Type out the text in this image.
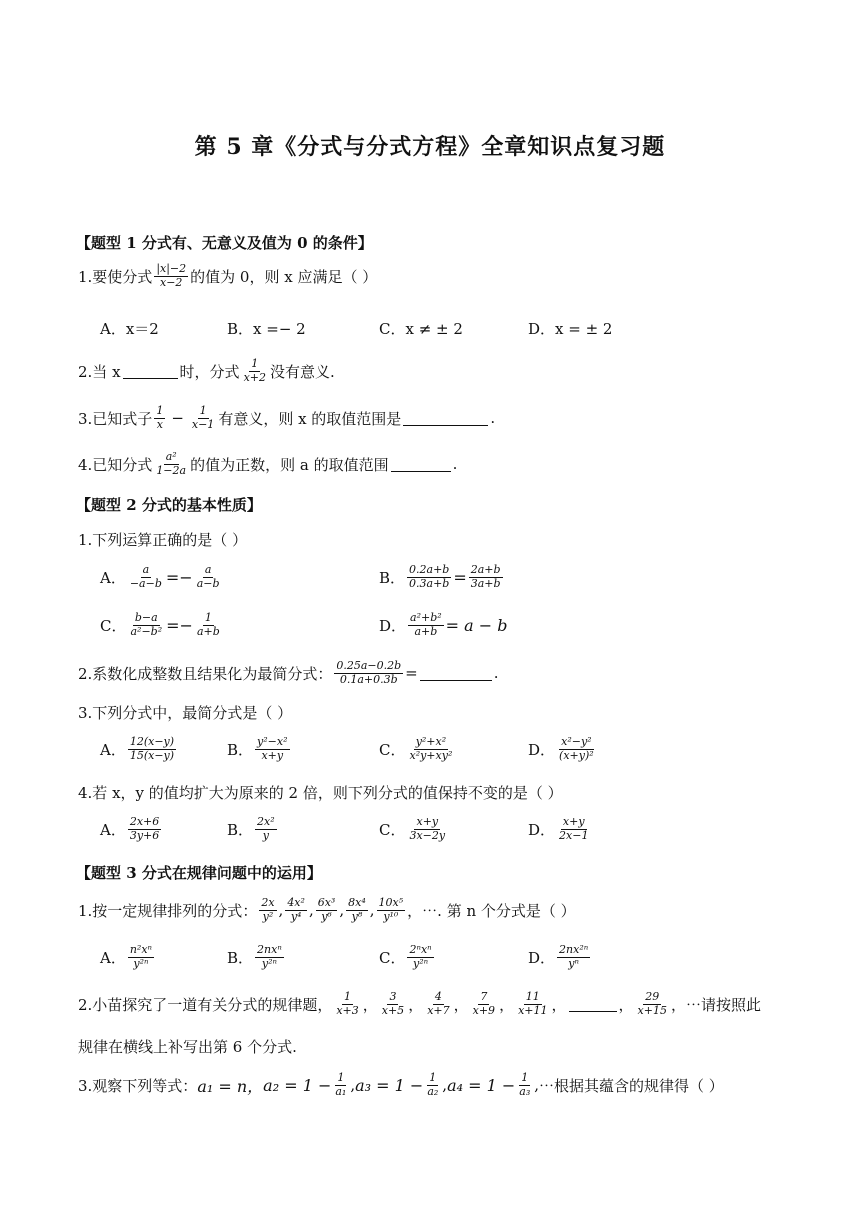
第 5 章《分式与分式方程》全章知识点复习题
【题型 1 分式有、无意义及值为 0 的条件】
1.要使分式 $\frac{|x|-2}{x-2}$ 的值为 0，则 x 应满足（ ）
A．x＝2	B．x =− 2	C．x ≠ ± 2	D．x = ± 2
2.当 x	时，分式 $\frac{1}{x+2}$ 没有意义.
3.已知式子 $\frac{1}{x} - \frac{1}{x-1}$ 有意义，则 x 的取值范围是	.
4.已知分式 $\frac{\text{a²}}{1-2a}$ 的值为正数，则 a 的取值范围	.
【题型 2 分式的基本性质】
1.下列运算正确的是（ ）
A． $\frac{a}{-a-b} =- \frac{a}{a-b}$	B． $\frac{0.2a+b}{0.3a+b} = \frac{2a+b}{3a+b}$
C． $\frac{b-a}{\text{a²−b²}} =- \frac{1}{a+b}$	D． $\frac{\text{a²+b²}}{a+b} = a - b$
2.系数化成整数且结果化为最简分式： $\frac{0.25a-0.2b}{0.1a+0.3b}$ =	.
3.下列分式中，最简分式是（ ）
A． $\frac{12(x-y)}{15(x-y)}$	B． $\frac{\text{y²−x²}}{x+y}$	C． $\frac{\text{y²+x²}}{\text{x²y+xy²}}$	D． $\frac{\text{x²−y²}}{\text{(x+y)²}}$
4.若 x，y 的值均扩大为原来的 2 倍，则下列分式的值保持不变的是（ ）
A． $\frac{2x+6}{3y+6}$	B． $\frac{\text{2x²}}{y}$	C． $\frac{x+y}{3x-2y}$	D． $\frac{x+y}{2x-1}$
【题型 3 分式在规律问题中的运用】
1.按一定规律排列的分式： $\frac{2x}{\text{y²}}$ , $\frac{\text{4x²}}{\text{y⁴}}$ , $\frac{\text{6x³}}{\text{y⁶}}$ , $\frac{\text{8x⁴}}{\text{y⁸}}$ , $\frac{\text{10x⁵}}{\text{y¹⁰}}$ ，⋯. 第 n 个分式是（ ）
A． $\frac{\text{n²xⁿ}}{\text{y²ⁿ}}$	B． $\frac{\text{2nxⁿ}}{\text{y²ⁿ}}$	C． $\frac{\text{2ⁿxⁿ}}{\text{y²ⁿ}}$	D． $\frac{\text{2nx²ⁿ}}{\text{yⁿ}}$
2.小苗探究了一道有关分式的规律题， $\frac{1}{x+3}$ ， $\frac{3}{x+5}$ ， $\frac{4}{x+7}$ ， $\frac{7}{x+9}$ ， $\frac{11}{x+11}$ ，	， $\frac{29}{x+15}$ ，⋯请按照此
规律在横线上补写出第 6 个分式.
3.观察下列等式： a₁ = n， $a_2 = 1 - \frac{1}{\text{a₁}}$ , $a_3 = 1 - \frac{1}{\text{a₂}}$ , $a_4 = 1 - \frac{1}{\text{a₃}}$ , ⋯根据其蕴含的规律得（ ）
